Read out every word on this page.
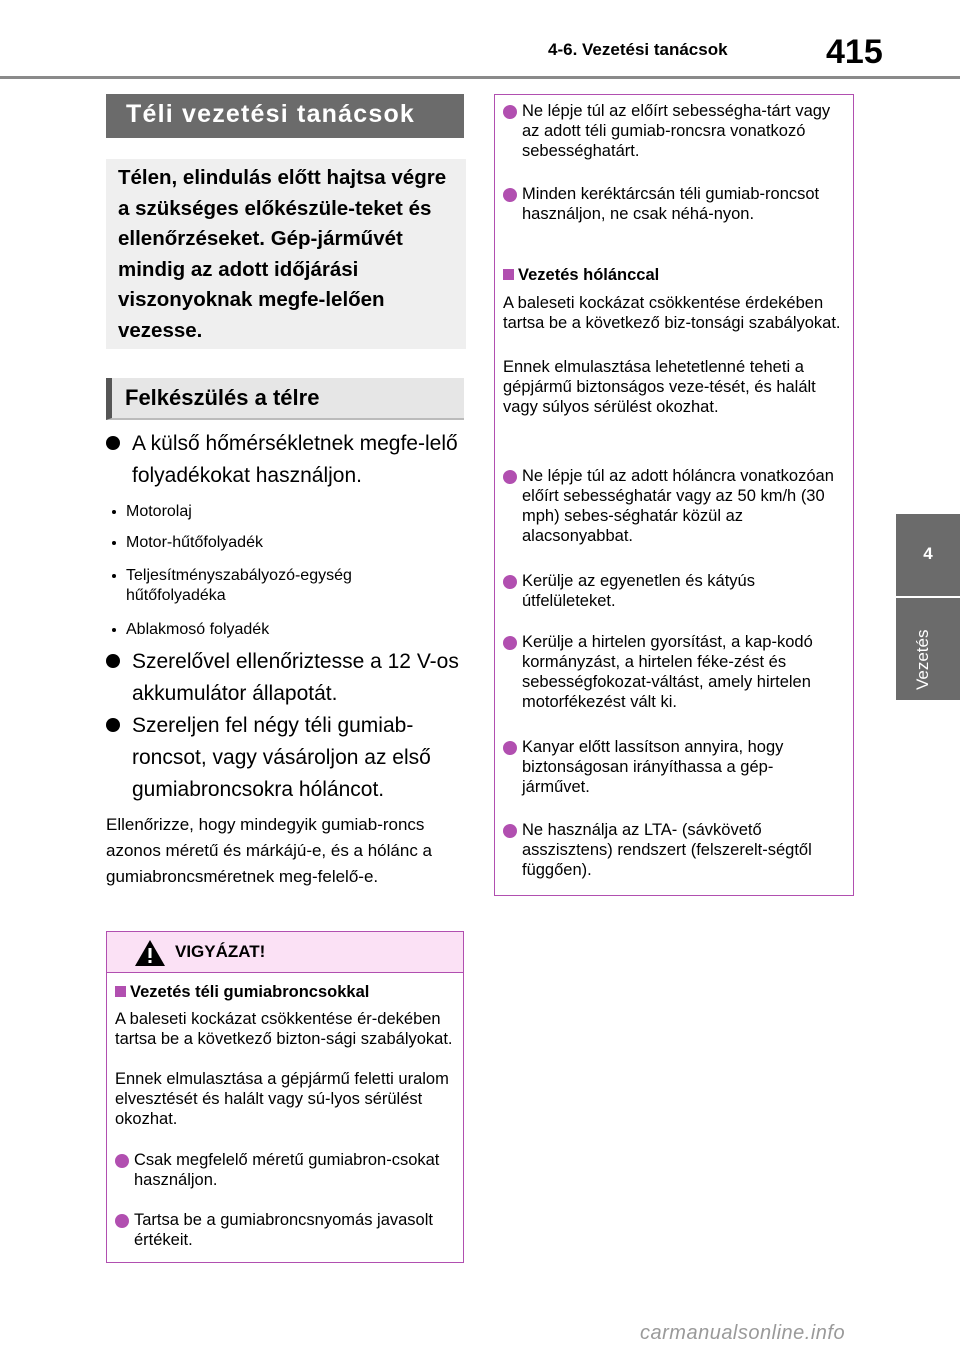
4-6. Vezetési tanácsok	415
4
Vezetés
Téli vezetési tanácsok
Télen, elindulás előtt hajtsa végre a szükséges előkészüle-teket és ellenőrzéseket. Gép-járművét mindig az adott időjárási viszonyoknak megfe-lelően vezesse.
Felkészülés a télre
A külső hőmérsékletnek megfe-lelő folyadékokat használjon.
Motorolaj
Motor-hűtőfolyadék
Teljesítményszabályozó-egység hűtőfolyadéka
Ablakmosó folyadék
Szerelővel ellenőriztesse a 12 V-os akkumulátor állapotát.
Szereljen fel négy téli gumiab-roncsot, vagy vásároljon az első gumiabroncsokra hóláncot.
Ellenőrizze, hogy mindegyik gumiab-roncs azonos méretű és márkájú-e, és a hólánc a gumiabroncsméretnek meg-felelő-e.
VIGYÁZAT!
Vezetés téli gumiabroncsokkal
A baleseti kockázat csökkentése ér-dekében tartsa be a következő bizton-sági szabályokat.
Ennek elmulasztása a gépjármű feletti uralom elvesztését és halált vagy sú-lyos sérülést okozhat.
Csak megfelelő méretű gumiabron-csokat használjon.
Tartsa be a gumiabroncsnyomás javasolt értékeit.
Ne lépje túl az előírt sebességha-tárt vagy az adott téli gumiab-roncsra vonatkozó sebességhatárt.
Minden keréktárcsán téli gumiab-roncsot használjon, ne csak néhá-nyon.
Vezetés hólánccal
A baleseti kockázat csökkentése érdekében tartsa be a következő biz-tonsági szabályokat.
Ennek elmulasztása lehetetlenné teheti a gépjármű biztonságos veze-tését, és halált vagy súlyos sérülést okozhat.
Ne lépje túl az adott hóláncra vonatkozóan előírt sebességhatár vagy az 50 km/h (30 mph) sebes-séghatár közül az alacsonyabbat.
Kerülje az egyenetlen és kátyús útfelületeket.
Kerülje a hirtelen gyorsítást, a kap-kodó kormányzást, a hirtelen féke-zést és sebességfokozat-váltást, amely hirtelen motorfékezést vált ki.
Kanyar előtt lassítson annyira, hogy biztonságosan irányíthassa a gép-járművet.
Ne használja az LTA- (sávkövető asszisztens) rendszert (felszerelt-ségtől függően).
carmanualsonline.info
